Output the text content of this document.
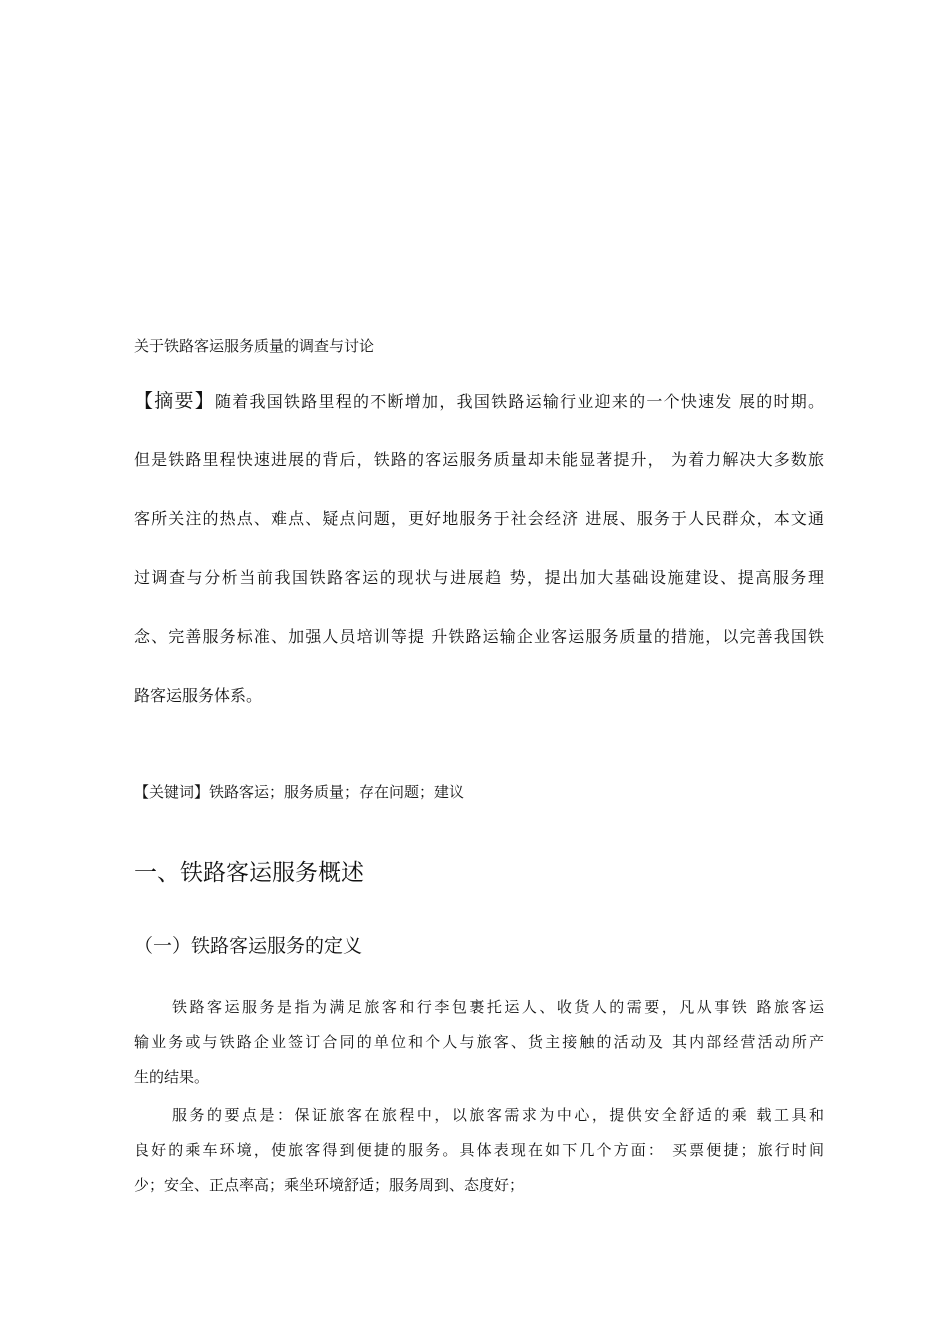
关于铁路客运服务质量的调查与讨论
【摘要】随着我国铁路里程的不断增加，我国铁路运输行业迎来的一个快速发 展的时期。
但是铁路里程快速进展的背后，铁路的客运服务质量却未能显著提升， 为着力解决大多数旅
客所关注的热点、难点、疑点问题，更好地服务于社会经济 进展、服务于人民群众，本文通
过调查与分析当前我国铁路客运的现状与进展趋 势，提出加大基础设施建设、提高服务理
念、完善服务标准、加强人员培训等提 升铁路运输企业客运服务质量的措施，以完善我国铁
路客运服务体系。
【关键词】铁路客运；服务质量；存在问题；建议
一、铁路客运服务概述
（一）铁路客运服务的定义
铁路客运服务是指为满足旅客和行李包裹托运人、收货人的需要，凡从事铁 路旅客运
输业务或与铁路企业签订合同的单位和个人与旅客、货主接触的活动及 其内部经营活动所产
生的结果。
服务的要点是：保证旅客在旅程中，以旅客需求为中心，提供安全舒适的乘 载工具和
良好的乘车环境，使旅客得到便捷的服务。具体表现在如下几个方面： 买票便捷；旅行时间
少；安全、正点率高；乘坐环境舒适；服务周到、态度好；
